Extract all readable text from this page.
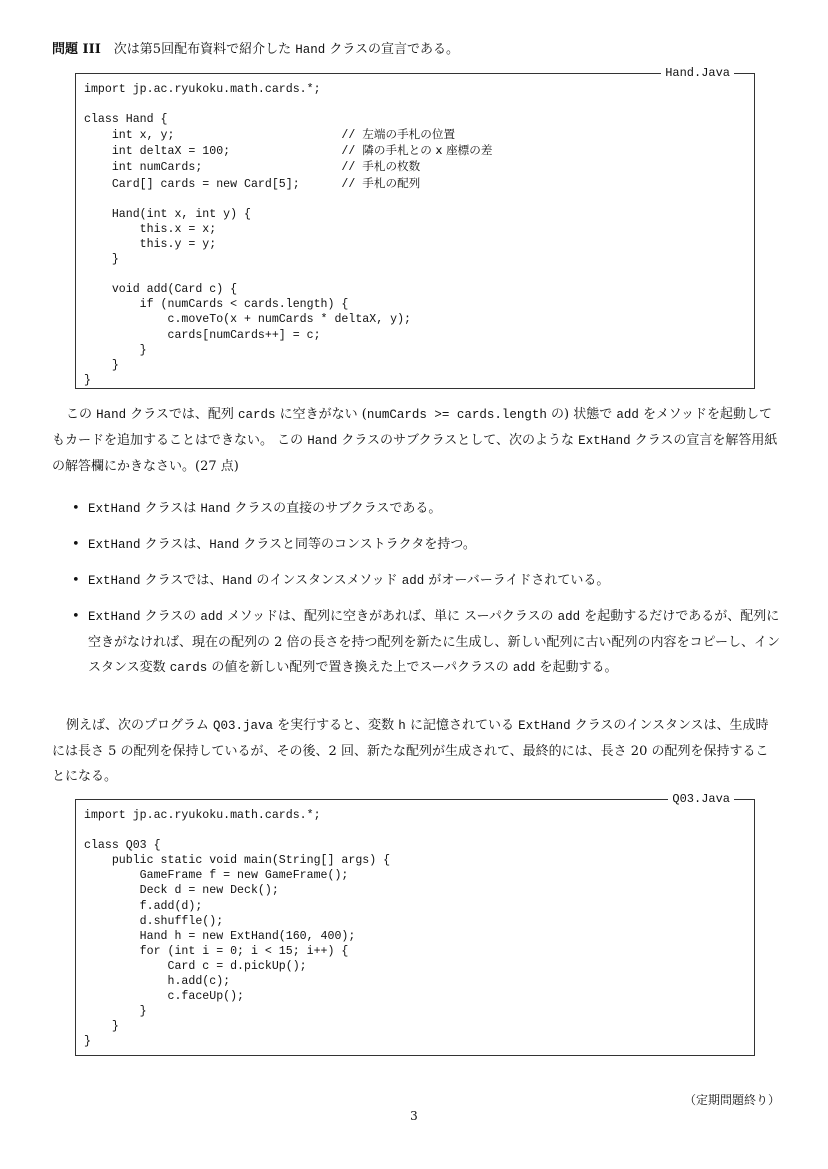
問題 III　 次は第5回配布資料で紹介した Hand クラスの宣言である。
Hand.Java
import jp.ac.ryukoku.math.cards.*;
class Hand {
int x, y;                        // 左端の手札の位置
int deltaX = 100;                // 隣の手札との x 座標の差
int numCards;                    // 手札の枚数
Card[] cards = new Card[5];      // 手札の配列
Hand(int x, int y) {
this.x = x;
this.y = y;
}
void add(Card c) {
if (numCards < cards.length) {
c.moveTo(x + numCards * deltaX, y);
cards[numCards++] = c;
}
}
}
この Hand クラスでは、配列 cards に空きがない (numCards >= cards.length の) 状態で add をメソッドを起動してもカードを追加することはできない。 この Hand クラスのサブクラスとして、次のような ExtHand クラスの宣言を解答用紙の解答欄にかきなさい。(27 点)
• ExtHand クラスは Hand クラスの直接のサブクラスである。
• ExtHand クラスは、Hand クラスと同等のコンストラクタを持つ。
• ExtHand クラスでは、Hand のインスタンスメソッド add がオーバーライドされている。
• ExtHand クラスの add メソッドは、配列に空きがあれば、単に スーパクラスの add を起動するだけであるが、配列に空きがなければ、現在の配列の 2 倍の長さを持つ配列を新たに生成し、新しい配列に古い配列の内容をコピーし、インスタンス変数 cards の値を新しい配列で置き換えた上でスーパクラスの add を起動する。
例えば、次のプログラム Q03.java を実行すると、変数 h に記憶されている ExtHand クラスのインスタンスは、生成時には長さ 5 の配列を保持しているが、その後、2 回、新たな配列が生成されて、最終的には、長さ 20 の配列を保持することになる。
Q03.Java
import jp.ac.ryukoku.math.cards.*;
class Q03 {
public static void main(String[] args) {
GameFrame f = new GameFrame();
Deck d = new Deck();
f.add(d);
d.shuffle();
Hand h = new ExtHand(160, 400);
for (int i = 0; i < 15; i++) {
Card c = d.pickUp();
h.add(c);
c.faceUp();
}
}
}
（定期問題終り）
3
